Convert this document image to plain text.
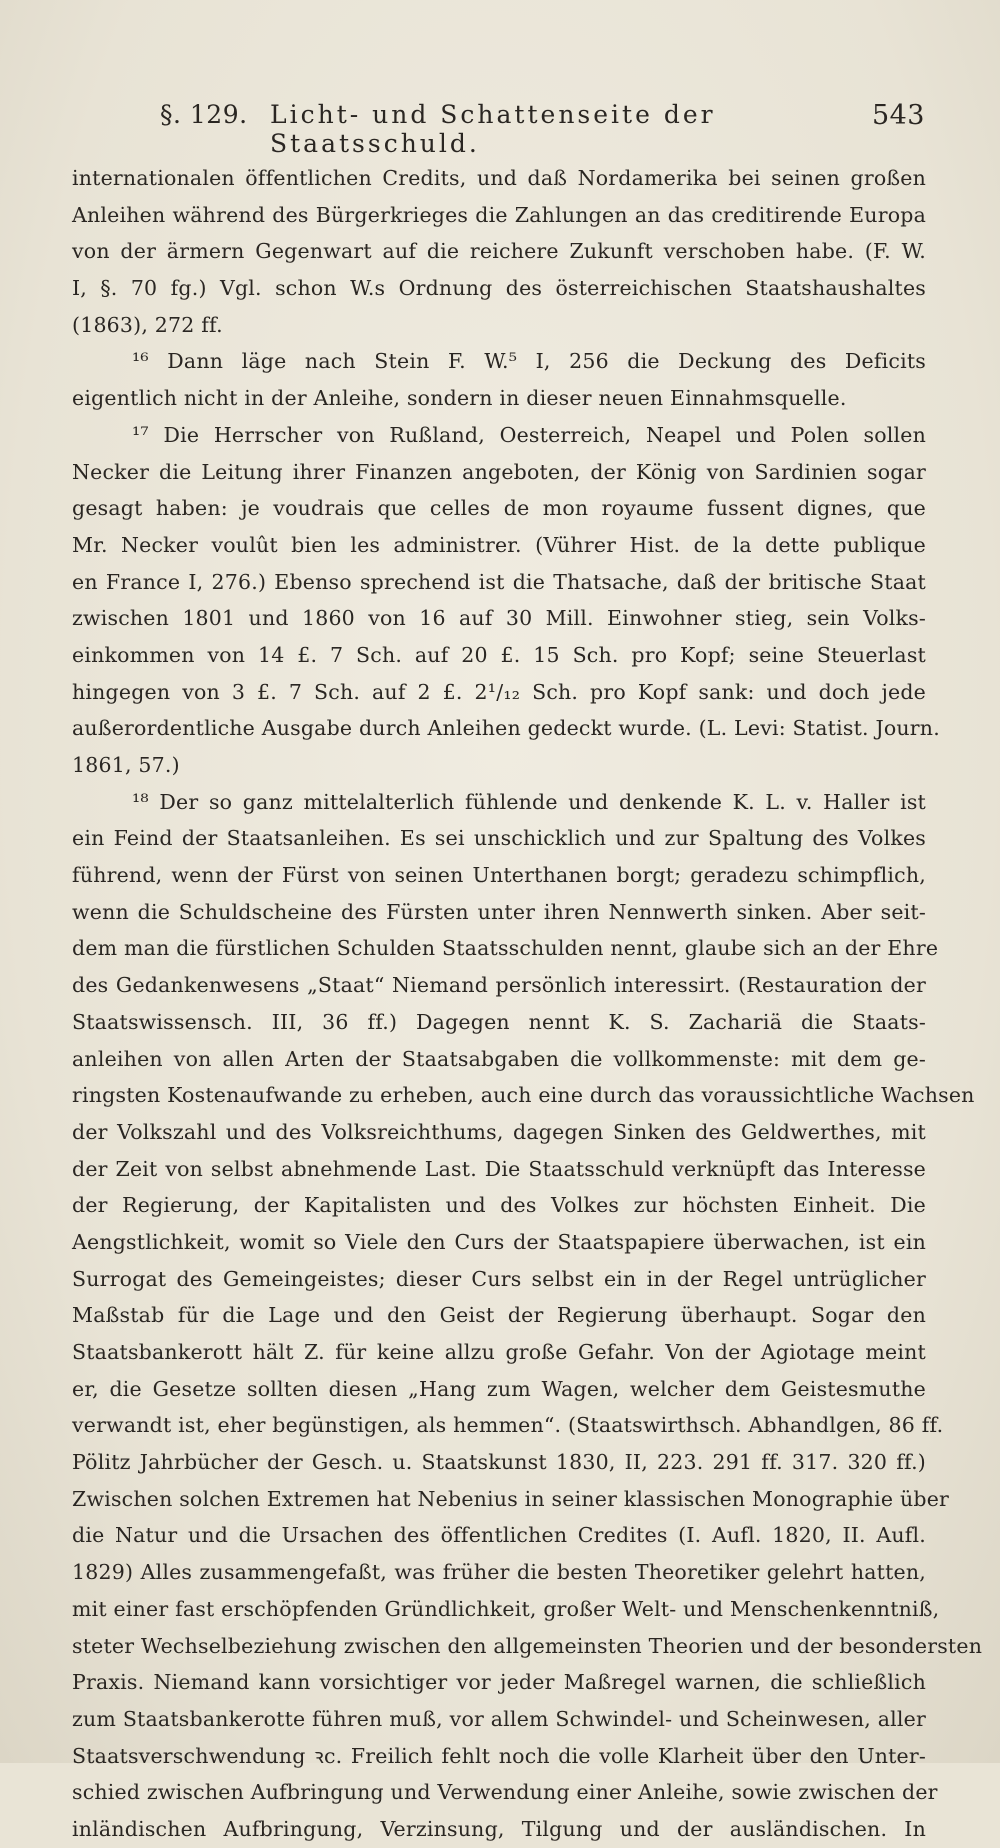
§. 129. Licht- und Schattenseite der Staatsschuld.
543
internationalen öffentlichen Credits, und daß Nordamerika bei seinen großen
Anleihen während des Bürgerkrieges die Zahlungen an das creditirende Europa
von der ärmern Gegenwart auf die reichere Zukunft verschoben habe. (F. W.
I, §. 70 fg.) Vgl. schon W.s Ordnung des österreichischen Staatshaushaltes
(1863), 272 ff.
¹⁶ Dann läge nach Stein F. W.⁵ I, 256 die Deckung des Deficits
eigentlich nicht in der Anleihe, sondern in dieser neuen Einnahmsquelle.
¹⁷ Die Herrscher von Rußland, Oesterreich, Neapel und Polen sollen
Necker die Leitung ihrer Finanzen angeboten, der König von Sardinien sogar
gesagt haben: je voudrais que celles de mon royaume fussent dignes, que
Mr. Necker voulût bien les administrer. (Vührer Hist. de la dette publique
en France I, 276.) Ebenso sprechend ist die Thatsache, daß der britische Staat
zwischen 1801 und 1860 von 16 auf 30 Mill. Einwohner stieg, sein Volks-
einkommen von 14 £. 7 Sch. auf 20 £. 15 Sch. pro Kopf; seine Steuerlast
hingegen von 3 £. 7 Sch. auf 2 £. 2¹/₁₂ Sch. pro Kopf sank: und doch jede
außerordentliche Ausgabe durch Anleihen gedeckt wurde. (L. Levi: Statist. Journ.
1861, 57.)
¹⁸ Der so ganz mittelalterlich fühlende und denkende K. L. v. Haller ist
ein Feind der Staatsanleihen. Es sei unschicklich und zur Spaltung des Volkes
führend, wenn der Fürst von seinen Unterthanen borgt; geradezu schimpflich,
wenn die Schuldscheine des Fürsten unter ihren Nennwerth sinken. Aber seit-
dem man die fürstlichen Schulden Staatsschulden nennt, glaube sich an der Ehre
des Gedankenwesens „Staat“ Niemand persönlich interessirt. (Restauration der
Staatswissensch. III, 36 ff.) Dagegen nennt K. S. Zachariä die Staats-
anleihen von allen Arten der Staatsabgaben die vollkommenste: mit dem ge-
ringsten Kostenaufwande zu erheben, auch eine durch das voraussichtliche Wachsen
der Volkszahl und des Volksreichthums, dagegen Sinken des Geldwerthes, mit
der Zeit von selbst abnehmende Last. Die Staatsschuld verknüpft das Interesse
der Regierung, der Kapitalisten und des Volkes zur höchsten Einheit. Die
Aengstlichkeit, womit so Viele den Curs der Staatspapiere überwachen, ist ein
Surrogat des Gemeingeistes; dieser Curs selbst ein in der Regel untrüglicher
Maßstab für die Lage und den Geist der Regierung überhaupt. Sogar den
Staatsbankerott hält Z. für keine allzu große Gefahr. Von der Agiotage meint
er, die Gesetze sollten diesen „Hang zum Wagen, welcher dem Geistesmuthe
verwandt ist, eher begünstigen, als hemmen“. (Staatswirthsch. Abhandlgen, 86 ff.
Pölitz Jahrbücher der Gesch. u. Staatskunst 1830, II, 223. 291 ff. 317. 320 ff.)
Zwischen solchen Extremen hat Nebenius in seiner klassischen Monographie über
die Natur und die Ursachen des öffentlichen Credites (I. Aufl. 1820, II. Aufl.
1829) Alles zusammengefaßt, was früher die besten Theoretiker gelehrt hatten,
mit einer fast erschöpfenden Gründlichkeit, großer Welt- und Menschenkenntniß,
steter Wechselbeziehung zwischen den allgemeinsten Theorien und der besondersten
Praxis. Niemand kann vorsichtiger vor jeder Maßregel warnen, die schließlich
zum Staatsbankerotte führen muß, vor allem Schwindel- und Scheinwesen, aller
Staatsverschwendung ꝛc. Freilich fehlt noch die volle Klarheit über den Unter-
schied zwischen Aufbringung und Verwendung einer Anleihe, sowie zwischen der
inländischen Aufbringung, Verzinsung, Tilgung und der ausländischen. In
